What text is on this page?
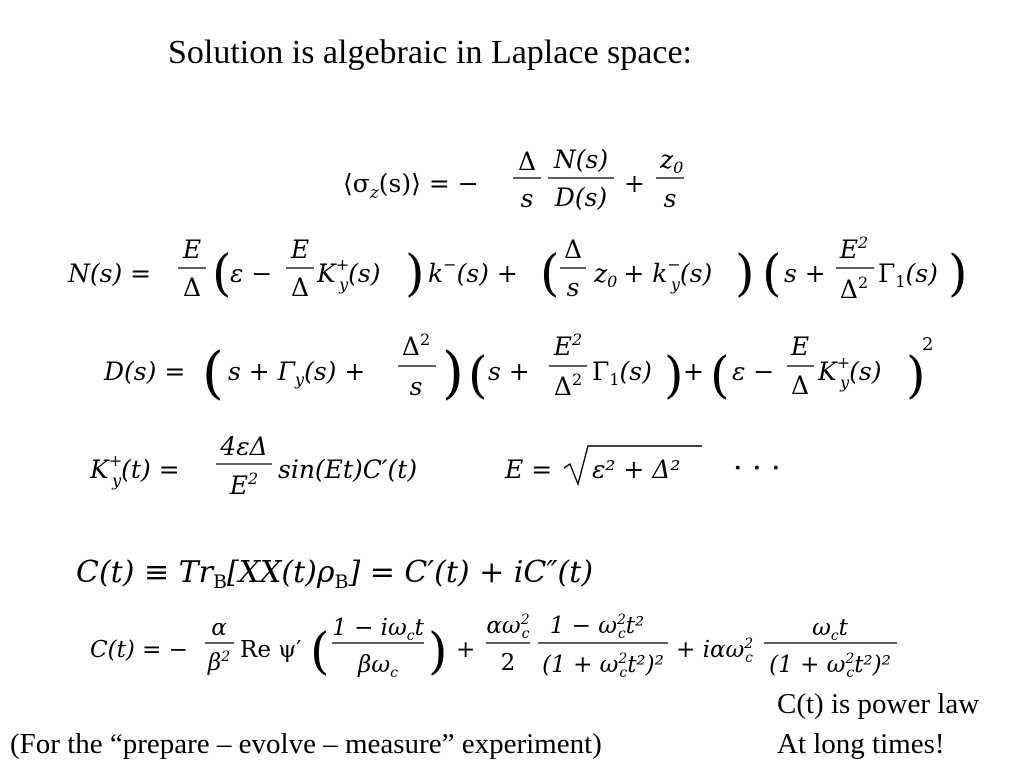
Solution is algebraic in Laplace space:
$⟨\sigma_z(s)⟩$ = −
Δ
s
N(s)
D(s) +
$z_0$
s
N(s) =
E
Δ (
ε −
E
Δ K+ y(s) ) k−(s) + ( Δ
s $z_0 + k^-$ y(s) ) ( s +
$E^2$
$\Delta^2$ $\Gamma_1(s)$ )
D(s) = ( $s + \Gamma_y(s)$ +
$\Delta^2$
s ) ( s +
$E^2$
$\Delta^2$ $\Gamma_1(s)$ ) + ( ε −
E
Δ K+ y(s) )
2
K+ y(t) =
4εΔ
$E^2$ sin(Et)C′(t)	E = ε² + Δ² · · ·
$C(t) \equiv Tr_B[XX(t)\rho_B] = C'(t) + iC''(t)$
C(t) = −
α
$\beta^2$ Re ψ′ ( $1 - i\omega_ct$
$\beta\omega_c$ ) +
$\alpha\omega^2$ c
2
$1 - \omega^2$ ct²
($1 + \omega^2$ ct²)²
+ iαω$^2$ c
$\omega_ct$
($1 + \omega^2$ ct²)²
C(t) is power law
At long times!
(For the “prepare – evolve – measure” experiment)
